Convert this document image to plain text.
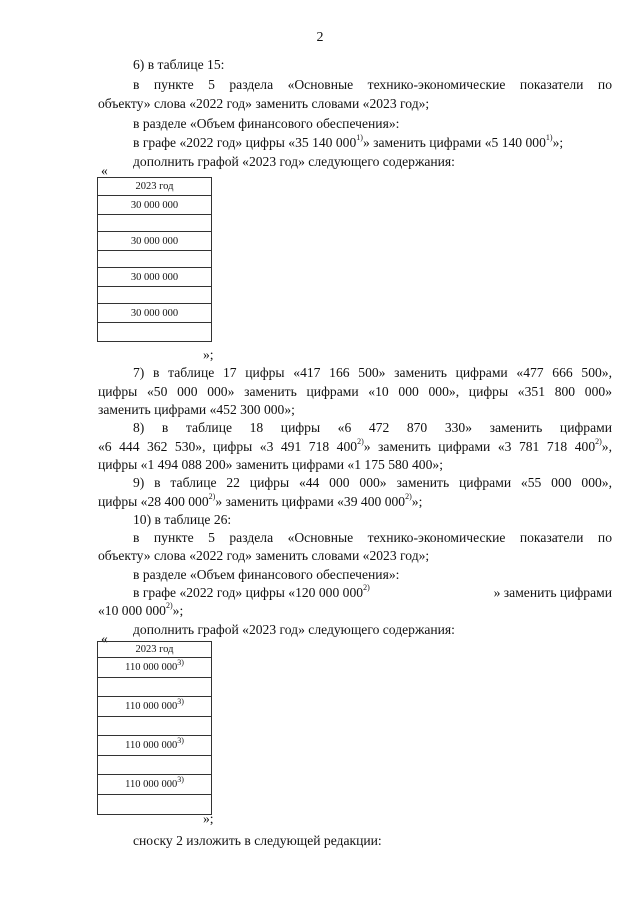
2
6) в таблице 15:
в пункте 5 раздела «Основные технико-экономические показатели по
объекту» слова «2022 год» заменить словами «2023 год»;
в разделе «Объем финансового обеспечения»:
в графе «2022 год» цифры «35 140 000$^{1)}$» заменить цифрами «5 140 000$^{1)}$»;
дополнить графой «2023 год» следующего содержания:
«
2023 год
30 000 000

30 000 000

30 000 000

30 000 000

»;
7) в таблице 17 цифры «417 166 500» заменить цифрами «477 666 500»,
цифры «50 000 000» заменить цифрами «10 000 000», цифры «351 800 000»
заменить цифрами «452 300 000»;
8) в таблице 18 цифры «6 472 870 330» заменить цифрами
«6 444 362 530», цифры «3 491 718 400$^{2)}$» заменить цифрами «3 781 718 400$^{2)}$»,
цифры «1 494 088 200» заменить цифрами «1 175 580 400»;
9) в таблице 22 цифры «44 000 000» заменить цифрами «55 000 000»,
цифры «28 400 000$^{2)}$» заменить цифрами «39 400 000$^{2)}$»;
10) в таблице 26:
в пункте 5 раздела «Основные технико-экономические показатели по
объекту» слова «2022 год» заменить словами «2023 год»;
в разделе «Объем финансового обеспечения»:
в графе «2022 год» цифры «120 000 000$^{2)}$	» заменить цифрами
«10 000 000$^{2)}$»;
дополнить графой «2023 год» следующего содержания:
«
2023 год
110 000 000$^{3)}$

110 000 000$^{3)}$

110 000 000$^{3)}$

110 000 000$^{3)}$

»;
сноску 2 изложить в следующей редакции:
